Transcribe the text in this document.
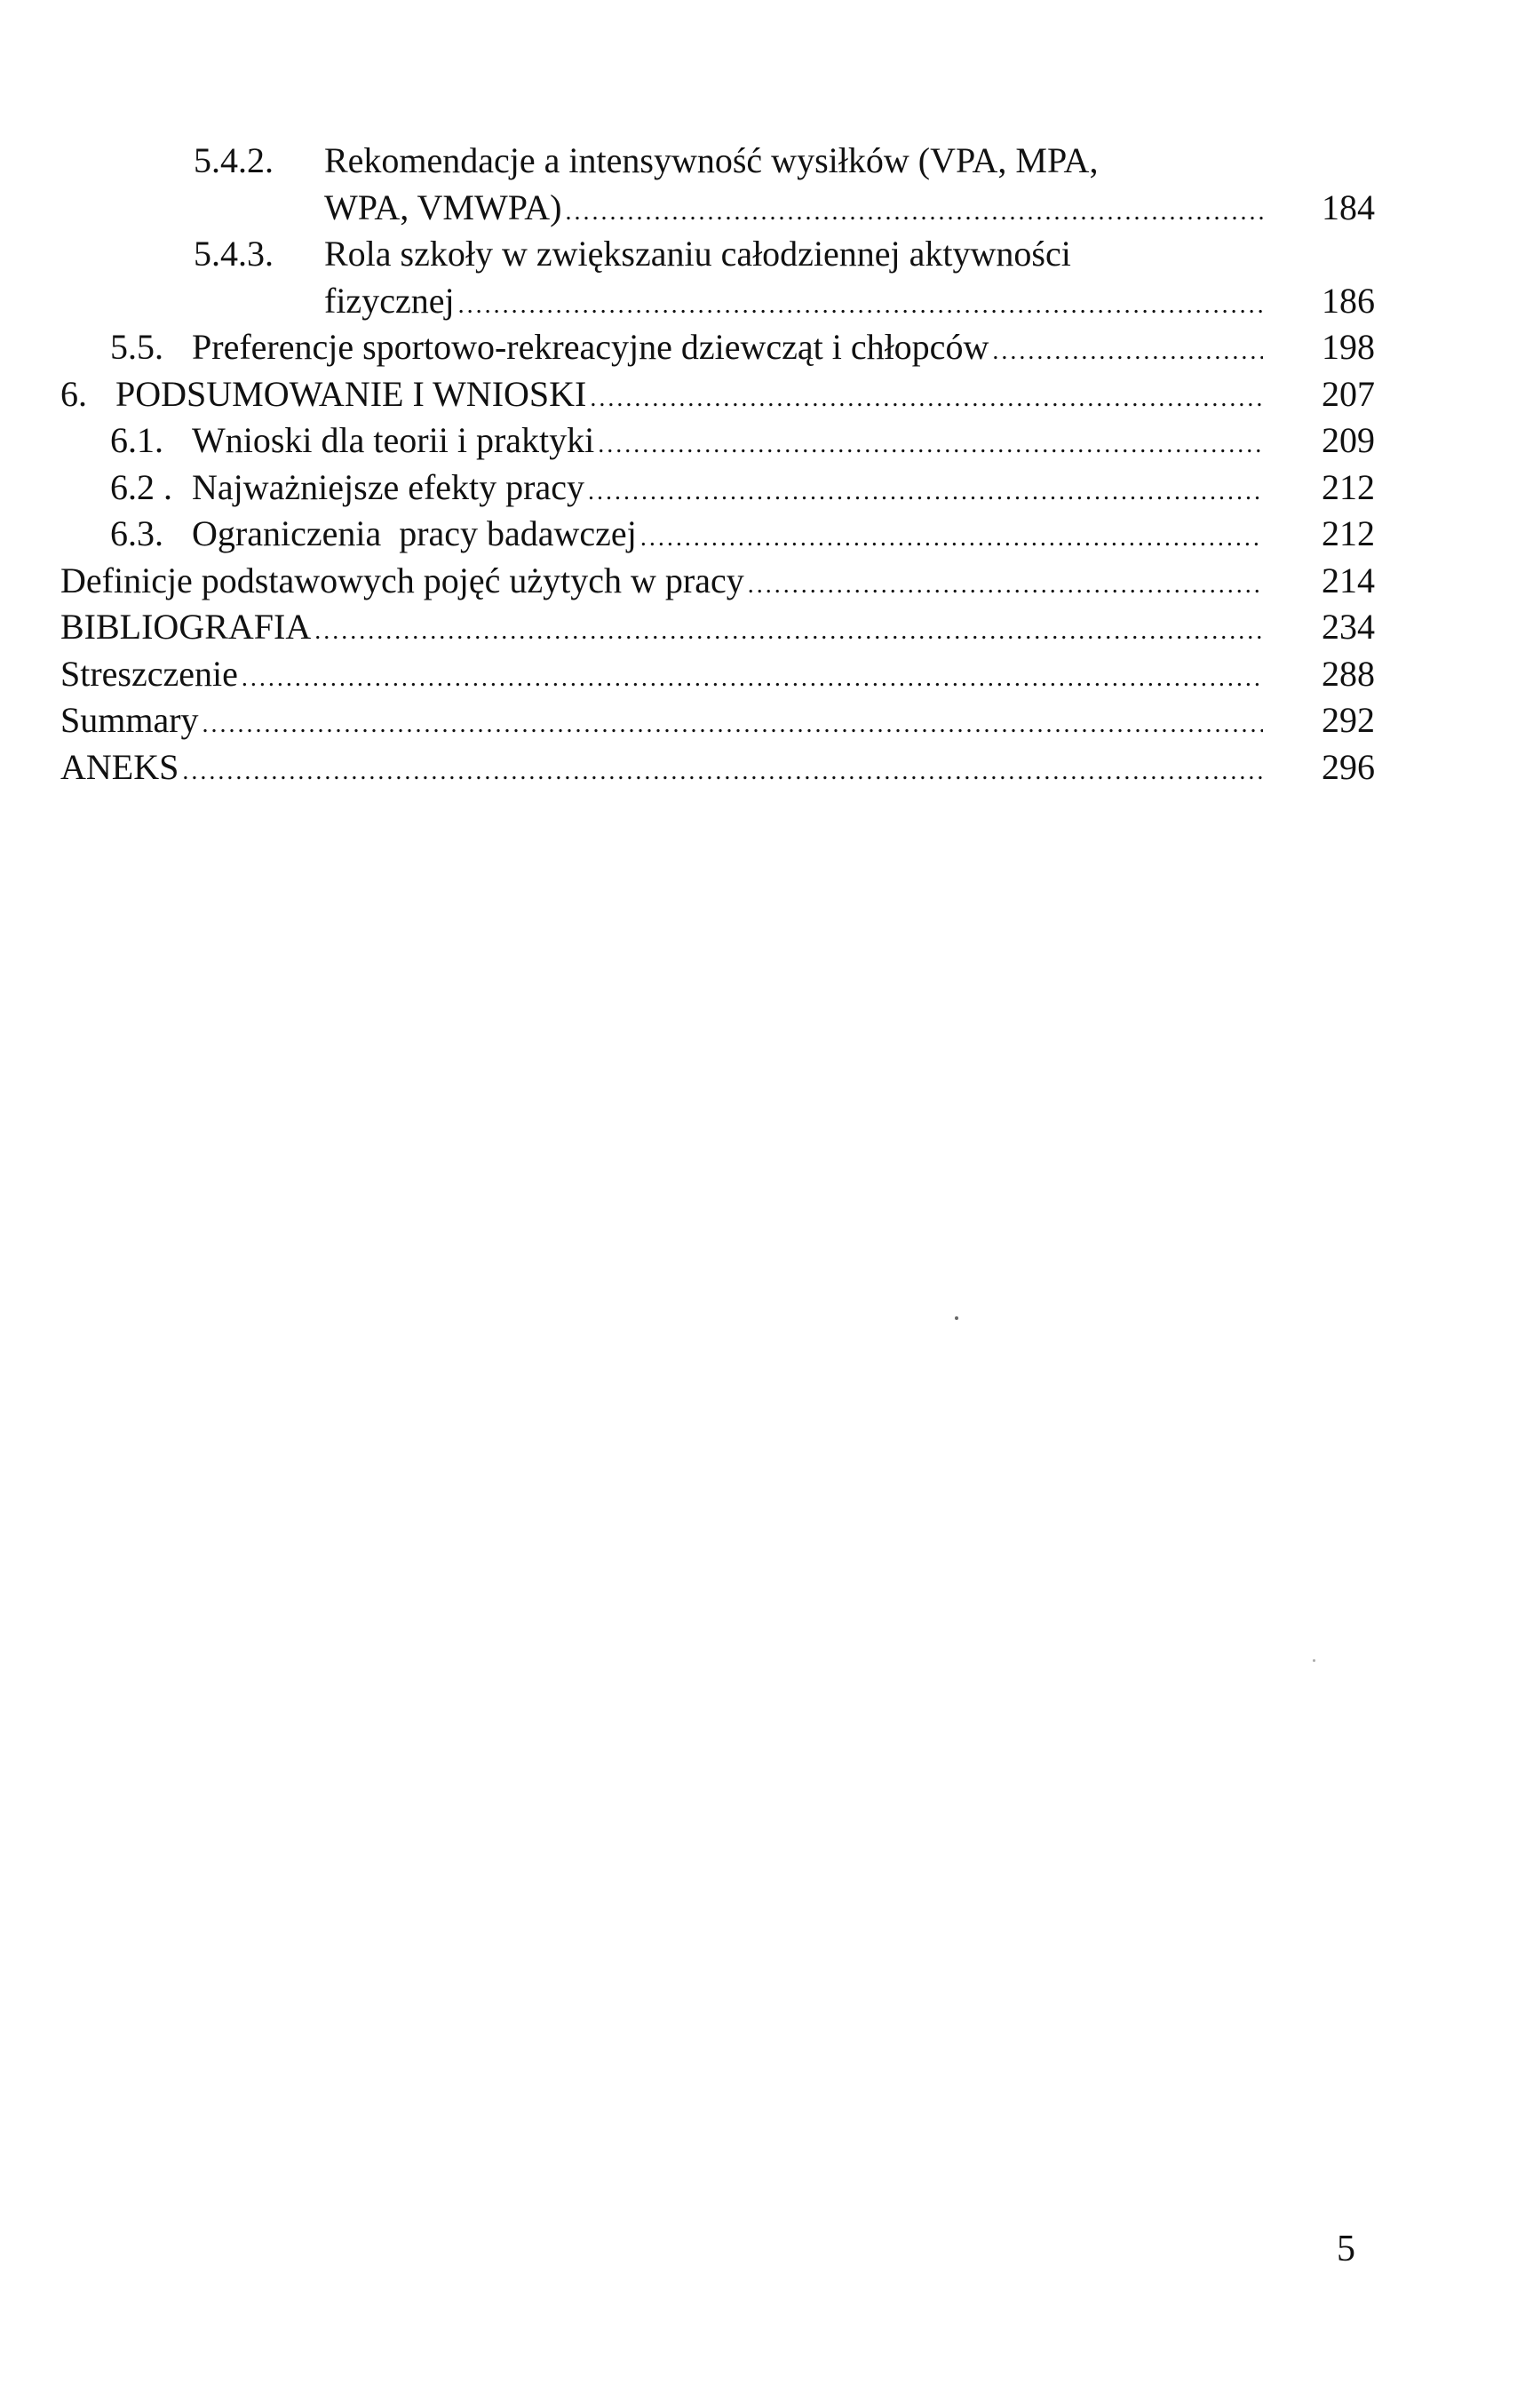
5.4.2. Rekomendacje a intensywność wysiłków (VPA, MPA,
WPA, VMWPA) .....	184
5.4.3. Rola szkoły w zwiększaniu całodziennej aktywności
fizycznej .....	186
5.5. Preferencje sportowo-rekreacyjne dziewcząt i chłopców .....	198
6. PODSUMOWANIE I WNIOSKI .....	207
6.1. Wnioski dla teorii i praktyki .....	209
6.2 . Najważniejsze efekty pracy .....	212
6.3. Ograniczenia  pracy badawczej .....	212
Definicje podstawowych pojęć użytych w pracy .....	214
BIBLIOGRAFIA .....	234
Streszczenie .....	288
Summary .....	292
ANEKS .....	296
5
